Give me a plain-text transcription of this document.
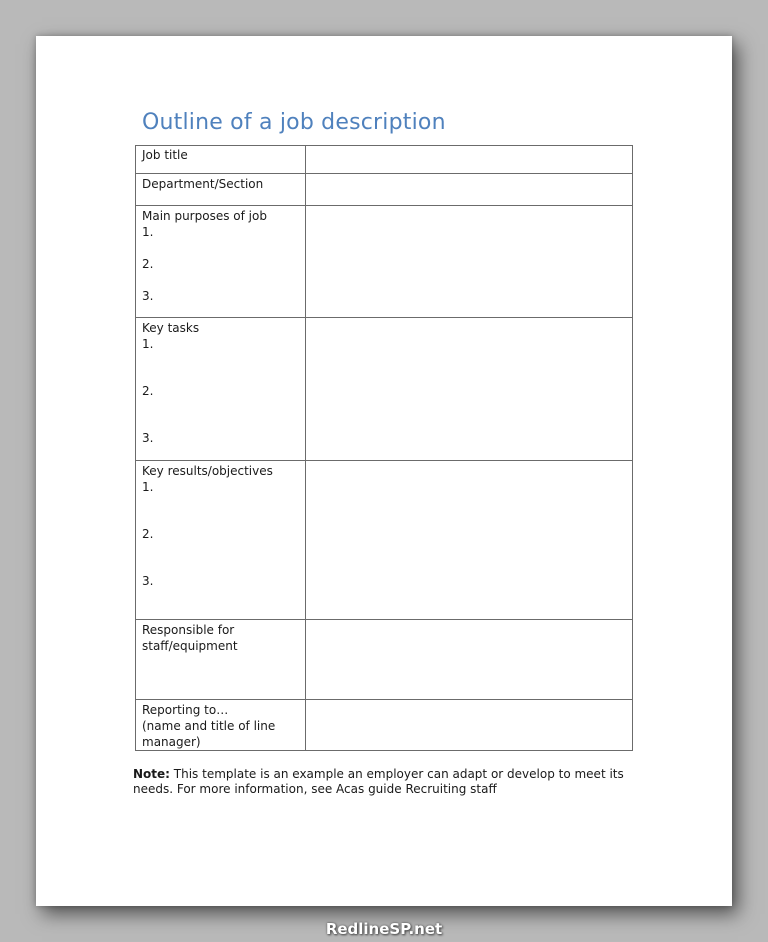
Outline of a job description
Job title	

Department/Section	

Main purposes of job
1.
2.
3.	

Key tasks
1.
2.
3.	

Key results/objectives
1.
2.
3.	

Responsible for
staff/equipment	

Reporting to…
(name and title of line
manager)	

Note: This template is an example an employer can adapt or develop to meet its needs. For more information, see Acas guide Recruiting staff
RedlineSP.net
